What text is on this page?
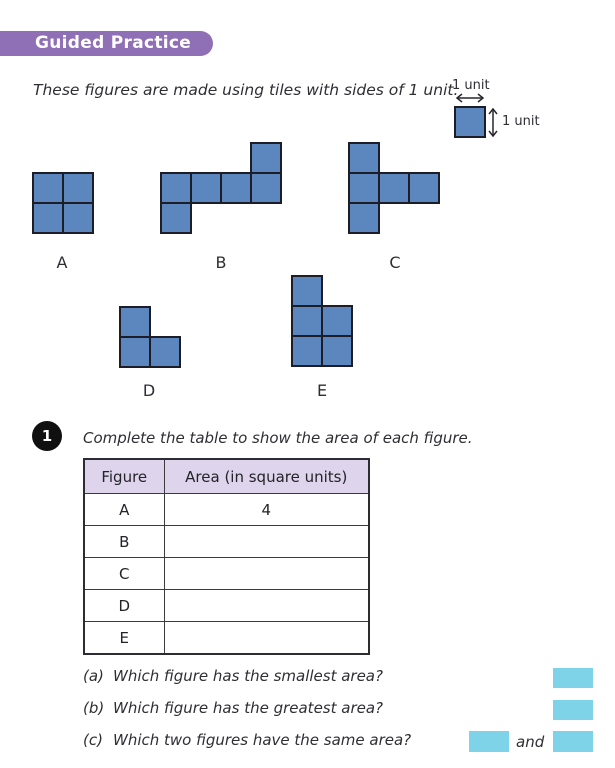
Guided Practice
These figures are made using tiles with sides of 1 unit.
1 unit
1 unit
A	B	C
D	E
1	Complete the table to show the area of each figure.
Figure	Area (in square units)
A	4
B	
C	
D	
E	
(a) Which figure has the smallest area?
(b) Which figure has the greatest area?
(c) Which two figures have the same area?	and
